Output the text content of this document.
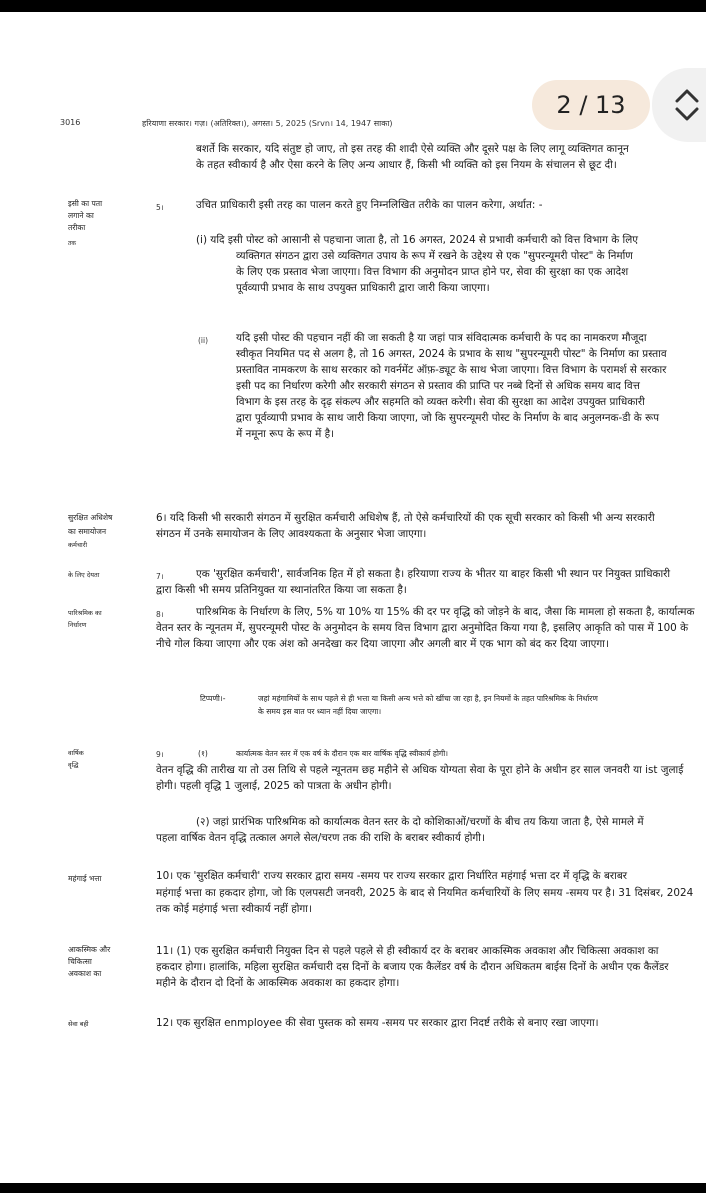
2 / 13
3016	हरियाणा सरकार। गज़। (अतिरिक्त।), अगस्त। 5, 2025 (Srvn। 14, 1947 साका)
बशर्ते कि सरकार, यदि संतुष्ट हो जाए, तो इस तरह की शादी ऐसे व्यक्ति और दूसरे पक्ष के लिए लागू व्यक्तिगत कानून
के तहत स्वीकार्य है और ऐसा करने के लिए अन्य आधार हैं, किसी भी व्यक्ति को इस नियम के संचालन से छूट दी।
इसी का पता
लगाने का
तरीका
तक
5।	उचित प्राधिकारी इसी तरह का पालन करते हुए निम्नलिखित तरीके का पालन करेगा, अर्थात: -
(i) यदि इसी पोस्ट को आसानी से पहचाना जाता है, तो 16 अगस्त, 2024 से प्रभावी कर्मचारी को वित्त विभाग के लिए
व्यक्तिगत संगठन द्वारा उसे व्यक्तिगत उपाय के रूप में रखने के उद्देश्य से एक "सुपरन्यूमरी पोस्ट" के निर्माण
के लिए एक प्रस्ताव भेजा जाएगा। वित्त विभाग की अनुमोदन प्राप्त होने पर, सेवा की सुरक्षा का एक आदेश
पूर्वव्यापी प्रभाव के साथ उपयुक्त प्राधिकारी द्वारा जारी किया जाएगा।
(ii)	यदि इसी पोस्ट की पहचान नहीं की जा सकती है या जहां पात्र संविदात्मक कर्मचारी के पद का नामकरण मौजूदा
स्वीकृत नियमित पद से अलग है, तो 16 अगस्त, 2024 के प्रभाव के साथ "सुपरन्यूमरी पोस्ट" के निर्माण का प्रस्ताव
प्रस्तावित नामकरण के साथ सरकार को गवर्नमेंट ऑफ़-ड्यूट के साथ भेजा जाएगा। वित्त विभाग के परामर्श से सरकार
इसी पद का निर्धारण करेगी और सरकारी संगठन से प्रस्ताव की प्राप्ति पर नब्बे दिनों से अधिक समय बाद वित्त
विभाग के इस तरह के दृढ़ संकल्प और सहमति को व्यक्त करेगी। सेवा की सुरक्षा का आदेश उपयुक्त प्राधिकारी
द्वारा पूर्वव्यापी प्रभाव के साथ जारी किया जाएगा, जो कि सुपरन्यूमरी पोस्ट के निर्माण के बाद अनुलग्नक-डी के रूप
में नमूना रूप के रूप में है।
सुरक्षित अधिशेष
का समायोजन
कर्मचारी
6। यदि किसी भी सरकारी संगठन में सुरक्षित कर्मचारी अधिशेष हैं, तो ऐसे कर्मचारियों की एक सूची सरकार को किसी भी अन्य सरकारी
संगठन में उनके समायोजन के लिए आवश्यकता के अनुसार भेजा जाएगा।
के लिए देयता	7।	एक 'सुरक्षित कर्मचारी', सार्वजनिक हित में हो सकता है। हरियाणा राज्य के भीतर या बाहर किसी भी स्थान पर नियुक्त प्राधिकारी
द्वारा किसी भी समय प्रतिनियुक्त या स्थानांतरित किया जा सकता है।
पारिश्रमिक का
निर्धारण
8।	पारिश्रमिक के निर्धारण के लिए, 5% या 10% या 15% की दर पर वृद्धि को जोड़ने के बाद, जैसा कि मामला हो सकता है, कार्यात्मक
वेतन स्तर के न्यूनतम में, सुपरन्यूमरी पोस्ट के अनुमोदन के समय वित्त विभाग द्वारा अनुमोदित किया गया है, इसलिए आकृति को पास में 100 के
नीचे गोल किया जाएगा और एक अंश को अनदेखा कर दिया जाएगा और अगली बार में एक भाग को बंद कर दिया जाएगा।
टिप्पणी।-	जहां महंगामियों के साथ पहले से ही भत्ता या किसी अन्य भत्ते को खींचा जा रहा है, इन नियमों के तहत पारिश्रमिक के निर्धारण
के समय इस बात पर ध्यान नहीं दिया जाएगा।
वार्षिक
वृद्धि
9।	(१)	कार्यात्मक वेतन स्तर में एक वर्ष के दौरान एक बार वार्षिक वृद्धि स्वीकार्य होगी।
वेतन वृद्धि की तारीख या तो उस तिथि से पहले न्यूनतम छह महीने से अधिक योग्यता सेवा के पूरा होने के अधीन हर साल जनवरी या ist जुलाई
होगी। पहली वृद्धि 1 जुलाई, 2025 को पात्रता के अधीन होगी।
(२) जहां प्रारंभिक पारिश्रमिक को कार्यात्मक वेतन स्तर के दो कोशिकाओं/चरणों के बीच तय किया जाता है, ऐसे मामले में
पहला वार्षिक वेतन वृद्धि तत्काल अगले सेल/चरण तक की राशि के बराबर स्वीकार्य होगी।
महंगाई भत्ता	10। एक 'सुरक्षित कर्मचारी' राज्य सरकार द्वारा समय -समय पर राज्य सरकार द्वारा निर्धारित महंगाई भत्ता दर में वृद्धि के बराबर
महंगाई भत्ता का हकदार होगा, जो कि एलपसटी जनवरी, 2025 के बाद से नियमित कर्मचारियों के लिए समय -समय पर है। 31 दिसंबर, 2024
तक कोई महंगाई भत्ता स्वीकार्य नहीं होगा।
आकस्मिक और
चिकित्सा
अवकाश का
11। (1) एक सुरक्षित कर्मचारी नियुक्त दिन से पहले पहले से ही स्वीकार्य दर के बराबर आकस्मिक अवकाश और चिकित्सा अवकाश का
हकदार होगा। हालांकि, महिला सुरक्षित कर्मचारी दस दिनों के बजाय एक कैलेंडर वर्ष के दौरान अधिकतम बाईस दिनों के अधीन एक कैलेंडर
महीने के दौरान दो दिनों के आकस्मिक अवकाश का हकदार होगा।
सेवा बही	12। एक सुरक्षित enmployee की सेवा पुस्तक को समय -समय पर सरकार द्वारा निदर्ष्ट तरीके से बनाए रखा जाएगा।
